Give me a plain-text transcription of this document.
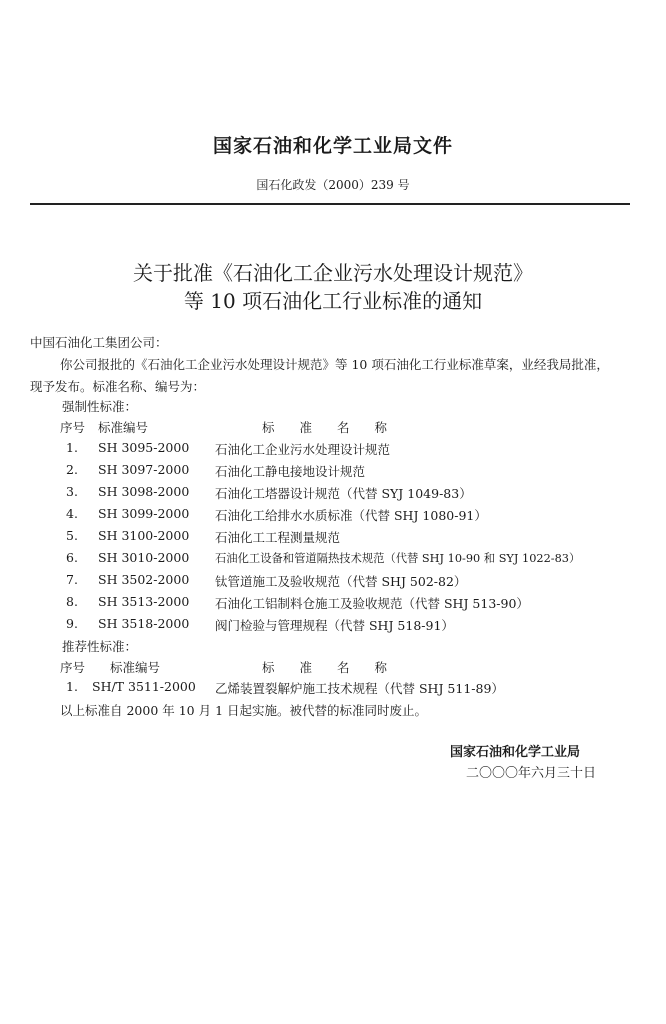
国家石油和化学工业局文件
国石化政发（2000）239 号
关于批准《石油化工企业污水处理设计规范》
等 10 项石油化工行业标准的通知
中国石油化工集团公司：
你公司报批的《石油化工企业污水处理设计规范》等 10 项石油化工行业标准草案，业经我局批准，
现予发布。标准名称、编号为：
强制性标准：
序号 标准编号	标　　准　　名　　称
1. SH 3095-2000 石油化工企业污水处理设计规范
2. SH 3097-2000 石油化工静电接地设计规范
3. SH 3098-2000 石油化工塔器设计规范（代替 SYJ 1049-83）
4. SH 3099-2000 石油化工给排水水质标准（代替 SHJ 1080-91）
5. SH 3100-2000 石油化工工程测量规范
6. SH 3010-2000 石油化工设备和管道隔热技术规范（代替 SHJ 10-90 和 SYJ 1022-83）
7. SH 3502-2000 钛管道施工及验收规范（代替 SHJ 502-82）
8. SH 3513-2000 石油化工铝制料仓施工及验收规范（代替 SHJ 513-90）
9. SH 3518-2000 阀门检验与管理规程（代替 SHJ 518-91）
推荐性标准：
序号 标准编号	标　　准　　名　　称
1. SH/T 3511-2000 乙烯装置裂解炉施工技术规程（代替 SHJ 511-89）
以上标准自 2000 年 10 月 1 日起实施。被代替的标准同时废止。
国家石油和化学工业局
二〇〇〇年六月三十日
